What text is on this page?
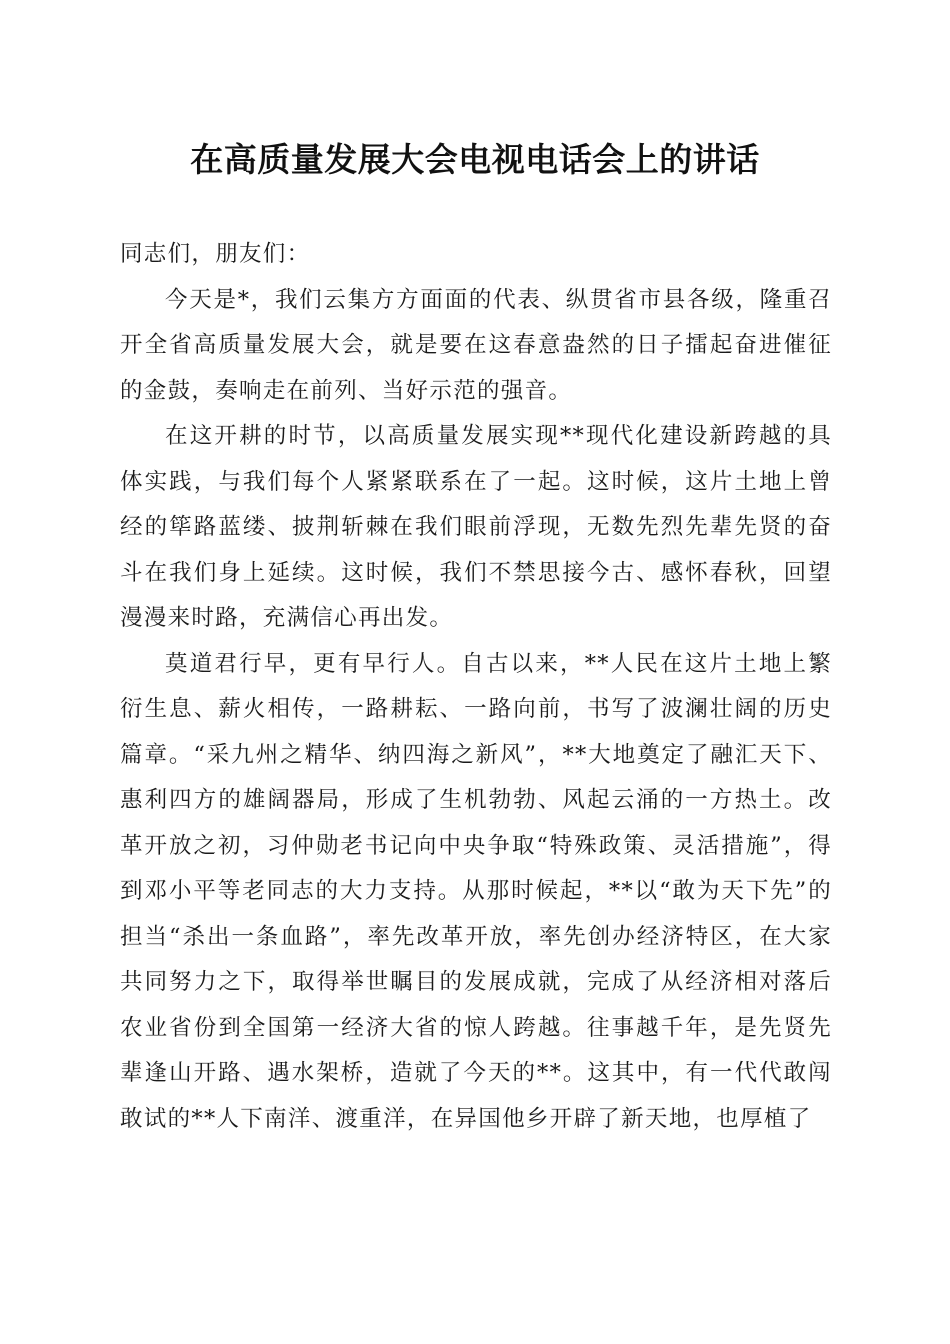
在高质量发展大会电视电话会上的讲话

同志们，朋友们：

今天是*，我们云集方方面面的代表、纵贯省市县各级，隆重召开全省高质量发展大会，就是要在这春意盎然的日子擂起奋进催征的金鼓，奏响走在前列、当好示范的强音。

在这开耕的时节，以高质量发展实现**现代化建设新跨越的具体实践，与我们每个人紧紧联系在了一起。这时候，这片土地上曾经的筚路蓝缕、披荆斩棘在我们眼前浮现，无数先烈先辈先贤的奋斗在我们身上延续。这时候，我们不禁思接今古、感怀春秋，回望漫漫来时路，充满信心再出发。

莫道君行早，更有早行人。自古以来，**人民在这片土地上繁衍生息、薪火相传，一路耕耘、一路向前，书写了波澜壮阔的历史篇章。“采九州之精华、纳四海之新风”，**大地奠定了融汇天下、惠利四方的雄阔器局，形成了生机勃勃、风起云涌的一方热土。改革开放之初，习仲勋老书记向中央争取“特殊政策、灵活措施”，得到邓小平等老同志的大力支持。从那时候起，**以“敢为天下先”的担当“杀出一条血路”，率先改革开放，率先创办经济特区，在大家共同努力之下，取得举世瞩目的发展成就，完成了从经济相对落后农业省份到全国第一经济大省的惊人跨越。往事越千年，是先贤先辈逢山开路、遇水架桥，造就了今天的**。这其中，有一代代敢闯敢试的**人下南洋、渡重洋，在异国他乡开辟了新天地，也厚植了
